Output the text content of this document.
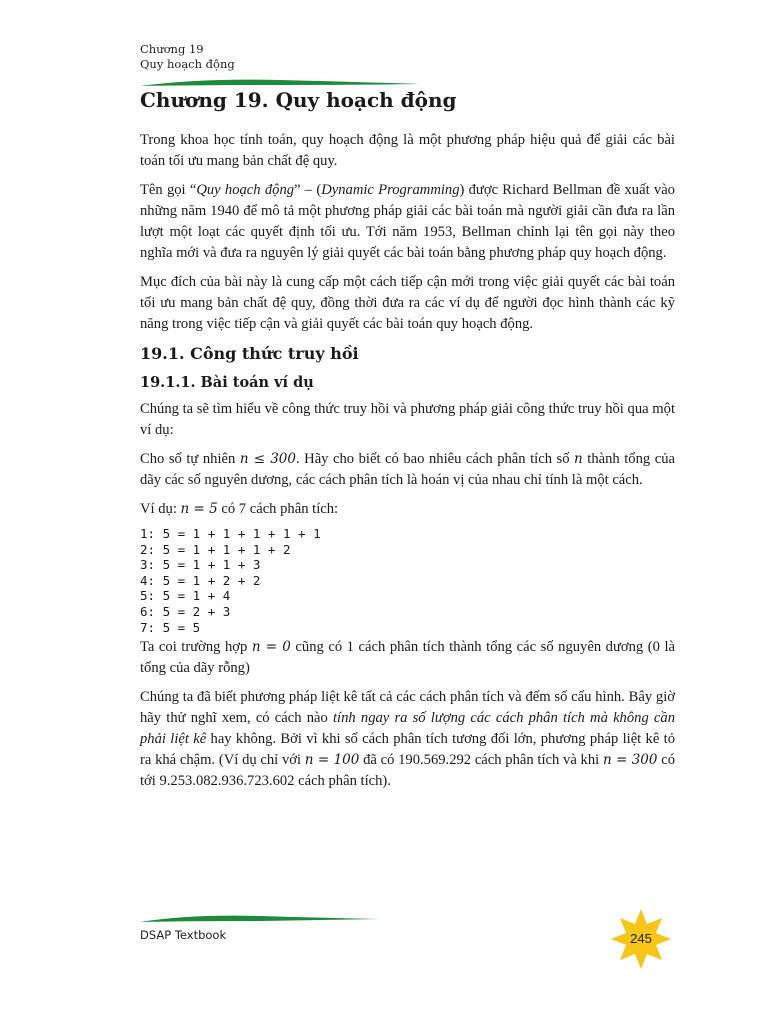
Chương 19
Quy hoạch động
Chương 19. Quy hoạch động

Trong khoa học tính toán, quy hoạch động là một phương pháp hiệu quả để giải các bài toán tối ưu mang bản chất đệ quy.

Tên gọi “Quy hoạch động” – (Dynamic Programming) được Richard Bellman đề xuất vào những năm 1940 để mô tả một phương pháp giải các bài toán mà người giải cần đưa ra lần lượt một loạt các quyết định tối ưu. Tới năm 1953, Bellman chỉnh lại tên gọi này theo nghĩa mới và đưa ra nguyên lý giải quyết các bài toán bằng phương pháp quy hoạch động.

Mục đích của bài này là cung cấp một cách tiếp cận mới trong việc giải quyết các bài toán tối ưu mang bản chất đệ quy, đồng thời đưa ra các ví dụ để người đọc hình thành các kỹ năng trong việc tiếp cận và giải quyết các bài toán quy hoạch động.

19.1. Công thức truy hồi
19.1.1. Bài toán ví dụ

Chúng ta sẽ tìm hiểu về công thức truy hồi và phương pháp giải công thức truy hồi qua một ví dụ:

Cho số tự nhiên n ≤ 300. Hãy cho biết có bao nhiêu cách phân tích số n thành tổng của dãy các số nguyên dương, các cách phân tích là hoán vị của nhau chỉ tính là một cách.

Ví dụ: n = 5 có 7 cách phân tích:

1: 5 = 1 + 1 + 1 + 1 + 1
2: 5 = 1 + 1 + 1 + 2
3: 5 = 1 + 1 + 3
4: 5 = 1 + 2 + 2
5: 5 = 1 + 4
6: 5 = 2 + 3
7: 5 = 5

Ta coi trường hợp n = 0 cũng có 1 cách phân tích thành tổng các số nguyên dương (0 là tổng của dãy rỗng)

Chúng ta đã biết phương pháp liệt kê tất cả các cách phân tích và đếm số cấu hình. Bây giờ hãy thử nghĩ xem, có cách nào tính ngay ra số lượng các cách phân tích mà không cần phải liệt kê hay không. Bởi vì khi số cách phân tích tương đối lớn, phương pháp liệt kê tỏ ra khá chậm. (Ví dụ chỉ với n = 100 đã có 190.569.292 cách phân tích và khi n = 300 có tới 9.253.082.936.723.602 cách phân tích).

DSAP Textbook	245
